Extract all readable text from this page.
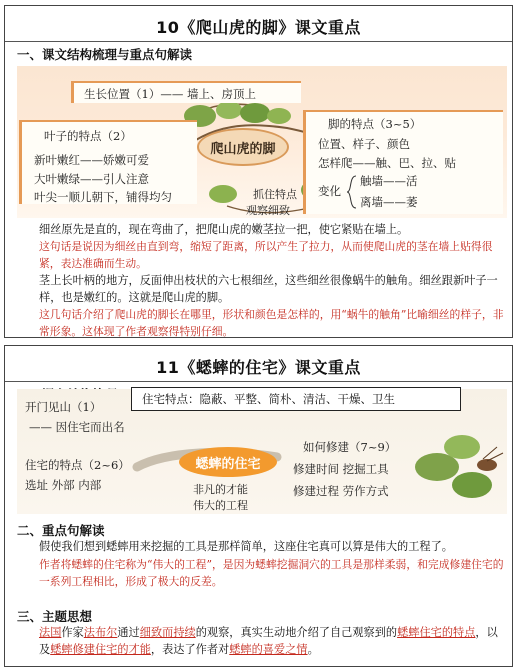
10《爬山虎的脚》课文重点
一、课文结构梳理与重点句解读
生长位置（1）—— 墙上、房顶上
叶子的特点（2）
新叶嫩红——娇嫩可爱
大叶嫩绿——引人注意
叶尖一顺儿朝下，铺得均匀
爬山虎的脚
抓住特点
观察细致
脚的特点（3~5）
位置、样子、颜色
怎样爬——触、巴、拉、贴
变化
触墙——活
离墙——萎
细丝原先是直的，现在弯曲了，把爬山虎的嫩茎拉一把，使它紧贴在墙上。
这句话是说因为细丝由直到弯，缩短了距离，所以产生了拉力，从而使爬山虎的茎在墙上贴得很紧，表达准确而生动。
茎上长叶柄的地方，反面伸出枝状的六七根细丝，这些细丝很像蜗牛的触角。细丝跟新叶子一样，也是嫩红的。这就是爬山虎的脚。
这几句话介绍了爬山虎的脚长在哪里，形状和颜色是怎样的，用“蜗牛的触角”比喻细丝的样子，非常形象。这体现了作者观察得特别仔细。
11《蟋蟀的住宅》课文重点
开门见山（1）
—— 因住宅而出名
住宅的特点（2~6）
选址 外部 内部
蟋蟀的住宅
非凡的才能
伟大的工程
如何修建（7~9）
修建时间 挖掘工具
修建过程 劳作方式
住宅特点：隐蔽、平整、简朴、清洁、干燥、卫生
二、重点句解读
假使我们想到蟋蟀用来挖掘的工具是那样简单，这座住宅真可以算是伟大的工程了。
作者将蟋蟀的住宅称为“伟大的工程”，是因为蟋蟀挖掘洞穴的工具是那样柔弱，和完成修建住宅的一系列工程相比，形成了极大的反差。
三、主题思想
法国作家法布尔通过细致而持续的观察，真实生动地介绍了自己观察到的蟋蟀住宅的特点，以及蟋蟀修建住宅的才能，表达了作者对蟋蟀的喜爱之情。
